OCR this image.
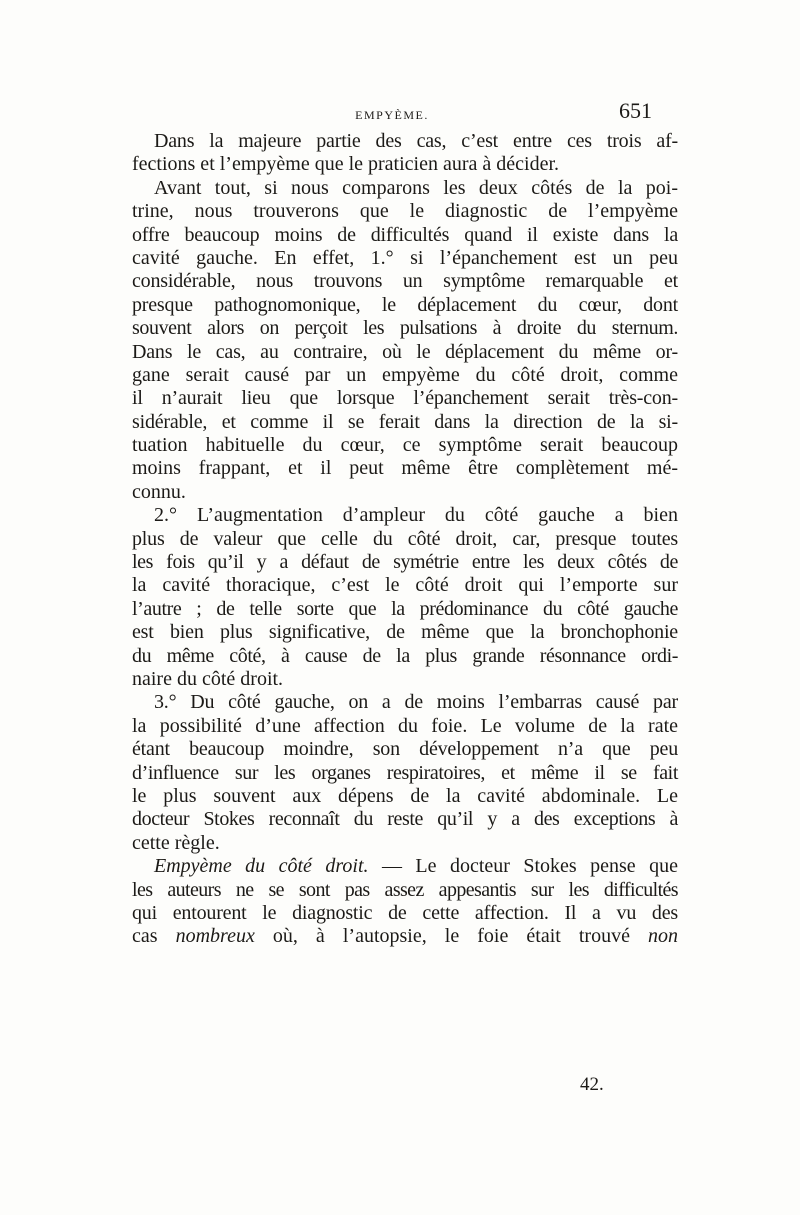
EMPYÈME.	651
Dans la majeure partie des cas, c’est entre ces trois af-
fections et l’empyème que le praticien aura à décider.
Avant tout, si nous comparons les deux côtés de la poi-
trine, nous trouverons que le diagnostic de l’empyème
offre beaucoup moins de difficultés quand il existe dans la
cavité gauche. En effet, 1.° si l’épanchement est un peu
considérable, nous trouvons un symptôme remarquable et
presque pathognomonique, le déplacement du cœur, dont
souvent alors on perçoit les pulsations à droite du sternum.
Dans le cas, au contraire, où le déplacement du même or-
gane serait causé par un empyème du côté droit, comme
il n’aurait lieu que lorsque l’épanchement serait très-con-
sidérable, et comme il se ferait dans la direction de la si-
tuation habituelle du cœur, ce symptôme serait beaucoup
moins frappant, et il peut même être complètement mé-
connu.
2.° L’augmentation d’ampleur du côté gauche a bien
plus de valeur que celle du côté droit, car, presque toutes
les fois qu’il y a défaut de symétrie entre les deux côtés de
la cavité thoracique, c’est le côté droit qui l’emporte sur
l’autre ; de telle sorte que la prédominance du côté gauche
est bien plus significative, de même que la bronchophonie
du même côté, à cause de la plus grande résonnance ordi-
naire du côté droit.
3.° Du côté gauche, on a de moins l’embarras causé par
la possibilité d’une affection du foie. Le volume de la rate
étant beaucoup moindre, son développement n’a que peu
d’influence sur les organes respiratoires, et même il se fait
le plus souvent aux dépens de la cavité abdominale. Le
docteur Stokes reconnaît du reste qu’il y a des exceptions à
cette règle.
Empyème du côté droit. — Le docteur Stokes pense que
les auteurs ne se sont pas assez appesantis sur les difficultés
qui entourent le diagnostic de cette affection. Il a vu des
cas nombreux où, à l’autopsie, le foie était trouvé non
42.
